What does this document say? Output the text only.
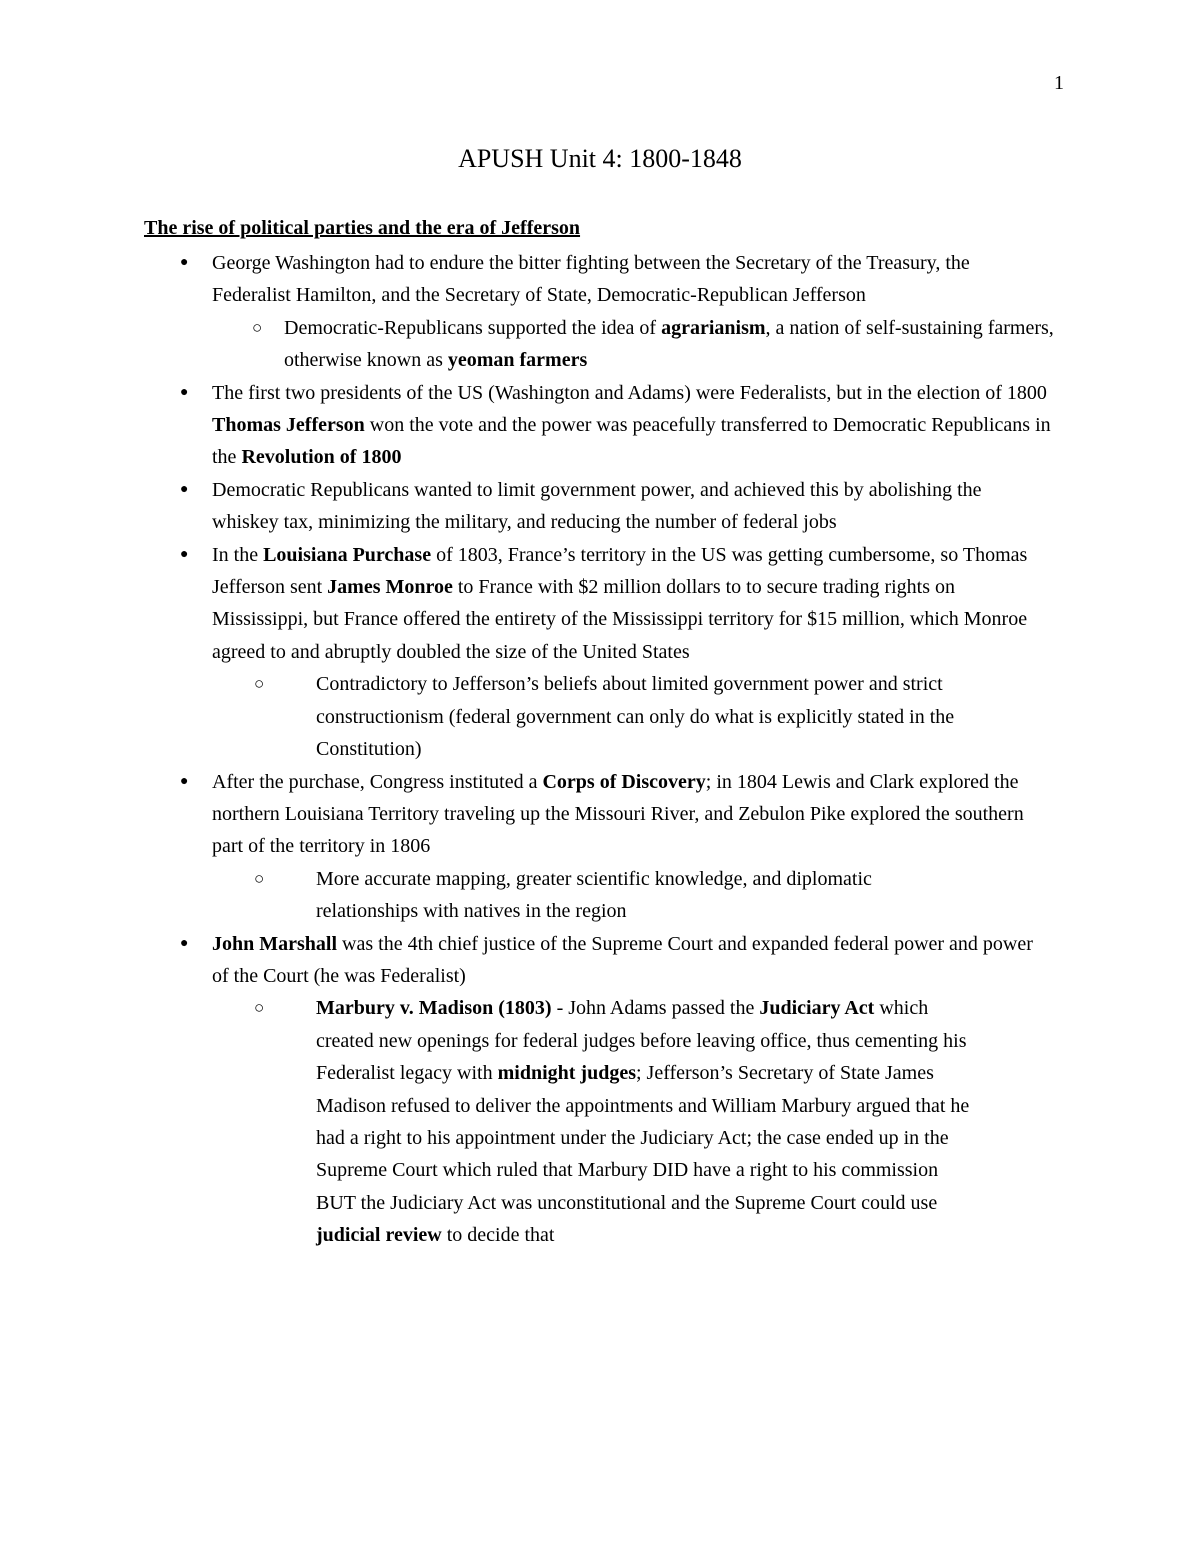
1
APUSH Unit 4: 1800-1848
The rise of political parties and the era of Jefferson
● George Washington had to endure the bitter fighting between the Secretary of the Treasury, the Federalist Hamilton, and the Secretary of State, Democratic-Republican Jefferson
○ Democratic-Republicans supported the idea of agrarianism, a nation of self-sustaining farmers, otherwise known as yeoman farmers
● The first two presidents of the US (Washington and Adams) were Federalists, but in the election of 1800 Thomas Jefferson won the vote and the power was peacefully transferred to Democratic Republicans in the Revolution of 1800
● Democratic Republicans wanted to limit government power, and achieved this by abolishing the whiskey tax, minimizing the military, and reducing the number of federal jobs
● In the Louisiana Purchase of 1803, France’s territory in the US was getting cumbersome, so Thomas Jefferson sent James Monroe to France with $2 million dollars to to secure trading rights on Mississippi, but France offered the entirety of the Mississippi territory for $15 million, which Monroe agreed to and abruptly doubled the size of the United States
○	Contradictory to Jefferson’s beliefs about limited government power and strict constructionism (federal government can only do what is explicitly stated in the Constitution)
● After the purchase, Congress instituted a Corps of Discovery; in 1804 Lewis and Clark explored the northern Louisiana Territory traveling up the Missouri River, and Zebulon Pike explored the southern part of the territory in 1806
○	More accurate mapping, greater scientific knowledge, and diplomatic relationships with natives in the region
● John Marshall was the 4th chief justice of the Supreme Court and expanded federal power and power of the Court (he was Federalist)
○	Marbury v. Madison (1803) - John Adams passed the Judiciary Act which created new openings for federal judges before leaving office, thus cementing his Federalist legacy with midnight judges; Jefferson’s Secretary of State James Madison refused to deliver the appointments and William Marbury argued that he had a right to his appointment under the Judiciary Act; the case ended up in the Supreme Court which ruled that Marbury DID have a right to his commission BUT the Judiciary Act was unconstitutional and the Supreme Court could use judicial review to decide that
